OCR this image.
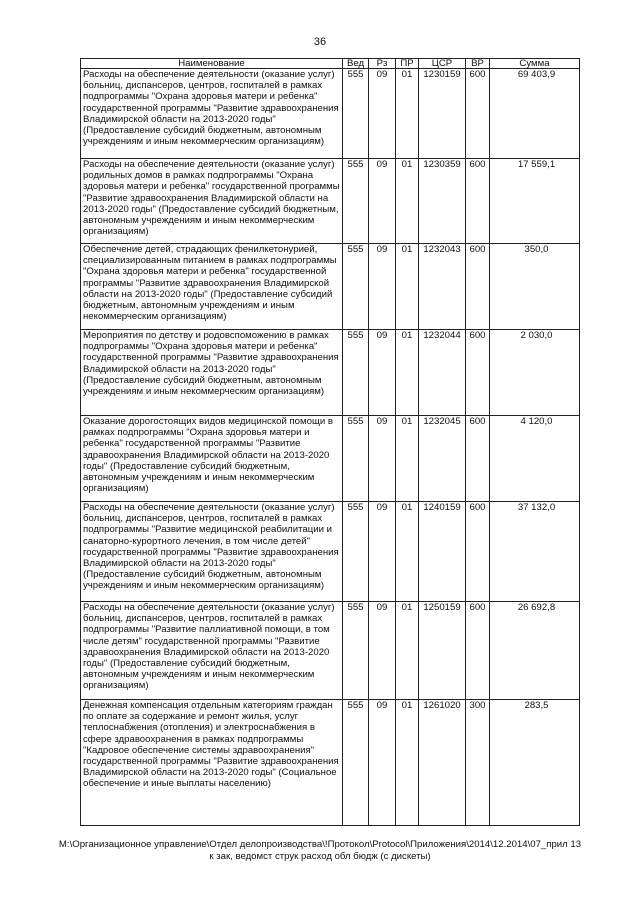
36
Наименование	Вед	Рз	ПР	ЦСР	ВР	Сумма
Расходы на обеспечение деятельности (оказание услуг) больниц, диспансеров, центров, госпиталей в рамках подпрограммы "Охрана здоровья матери и ребенка" государственной программы "Развитие здравоохранения Владимирской области на 2013-2020 годы" (Предоставление субсидий бюджетным, автономным учреждениям и иным некоммерческим организациям)	555	09	01	1230159	600	69 403,9
Расходы на обеспечение деятельности (оказание услуг) родильных домов в рамках подпрограммы "Охрана здоровья матери и ребенка" государственной программы "Развитие здравоохранения Владимирской области на 2013-2020 годы" (Предоставление субсидий бюджетным, автономным учреждениям и иным некоммерческим организациям)	555	09	01	1230359	600	17 559,1
Обеспечение детей, страдающих фенилкетонурией, специализированным питанием в рамках подпрограммы "Охрана здоровья матери и ребенка" государственной программы "Развитие здравоохранения Владимирской области на 2013-2020 годы" (Предоставление субсидий бюджетным, автономным учреждениям и иным некоммерческим организациям)	555	09	01	1232043	600	350,0
Мероприятия по детству и родовспоможению в рамках подпрограммы "Охрана здоровья матери и ребенка" государственной программы "Развитие здравоохранения Владимирской области на 2013-2020 годы" (Предоставление субсидий бюджетным, автономным учреждениям и иным некоммерческим организациям)	555	09	01	1232044	600	2 030,0
Оказание дорогостоящих видов медицинской помощи в рамках подпрограммы "Охрана здоровья матери и ребенка" государственной программы "Развитие здравоохранения Владимирской области на 2013-2020 годы" (Предоставление субсидий бюджетным, автономным учреждениям и иным некоммерческим организациям)	555	09	01	1232045	600	4 120,0
Расходы на обеспечение деятельности (оказание услуг) больниц, диспансеров, центров, госпиталей в рамках подпрограммы "Развитие медицинской реабилитации и санаторно-курортного лечения, в том числе детей" государственной программы "Развитие здравоохранения Владимирской области на 2013-2020 годы" (Предоставление субсидий бюджетным, автономным учреждениям и иным некоммерческим организациям)	555	09	01	1240159	600	37 132,0
Расходы на обеспечение деятельности (оказание услуг) больниц, диспансеров, центров, госпиталей в рамках подпрограммы "Развитие паллиативной помощи, в том числе детям" государственной программы "Развитие здравоохранения Владимирской области на 2013-2020 годы" (Предоставление субсидий бюджетным, автономным учреждениям и иным некоммерческим организациям)	555	09	01	1250159	600	26 692,8
Денежная компенсация отдельным категориям граждан по оплате за содержание и ремонт жилья, услуг теплоснабжения (отопления) и электроснабжения в сфере здравоохранения в рамках подпрограммы "Кадровое обеспечение системы здравоохранения" государственной программы "Развитие здравоохранения Владимирской области на 2013-2020 годы" (Социальное обеспечение и иные выплаты населению)	555	09	01	1261020	300	283,5
M:\Организационное управление\Отдел делопроизводства\!Протокол\Protocol\Приложения\2014\12.2014\07_прил 13
к зак, ведомст струк расход обл бюдж (с дискеты)
